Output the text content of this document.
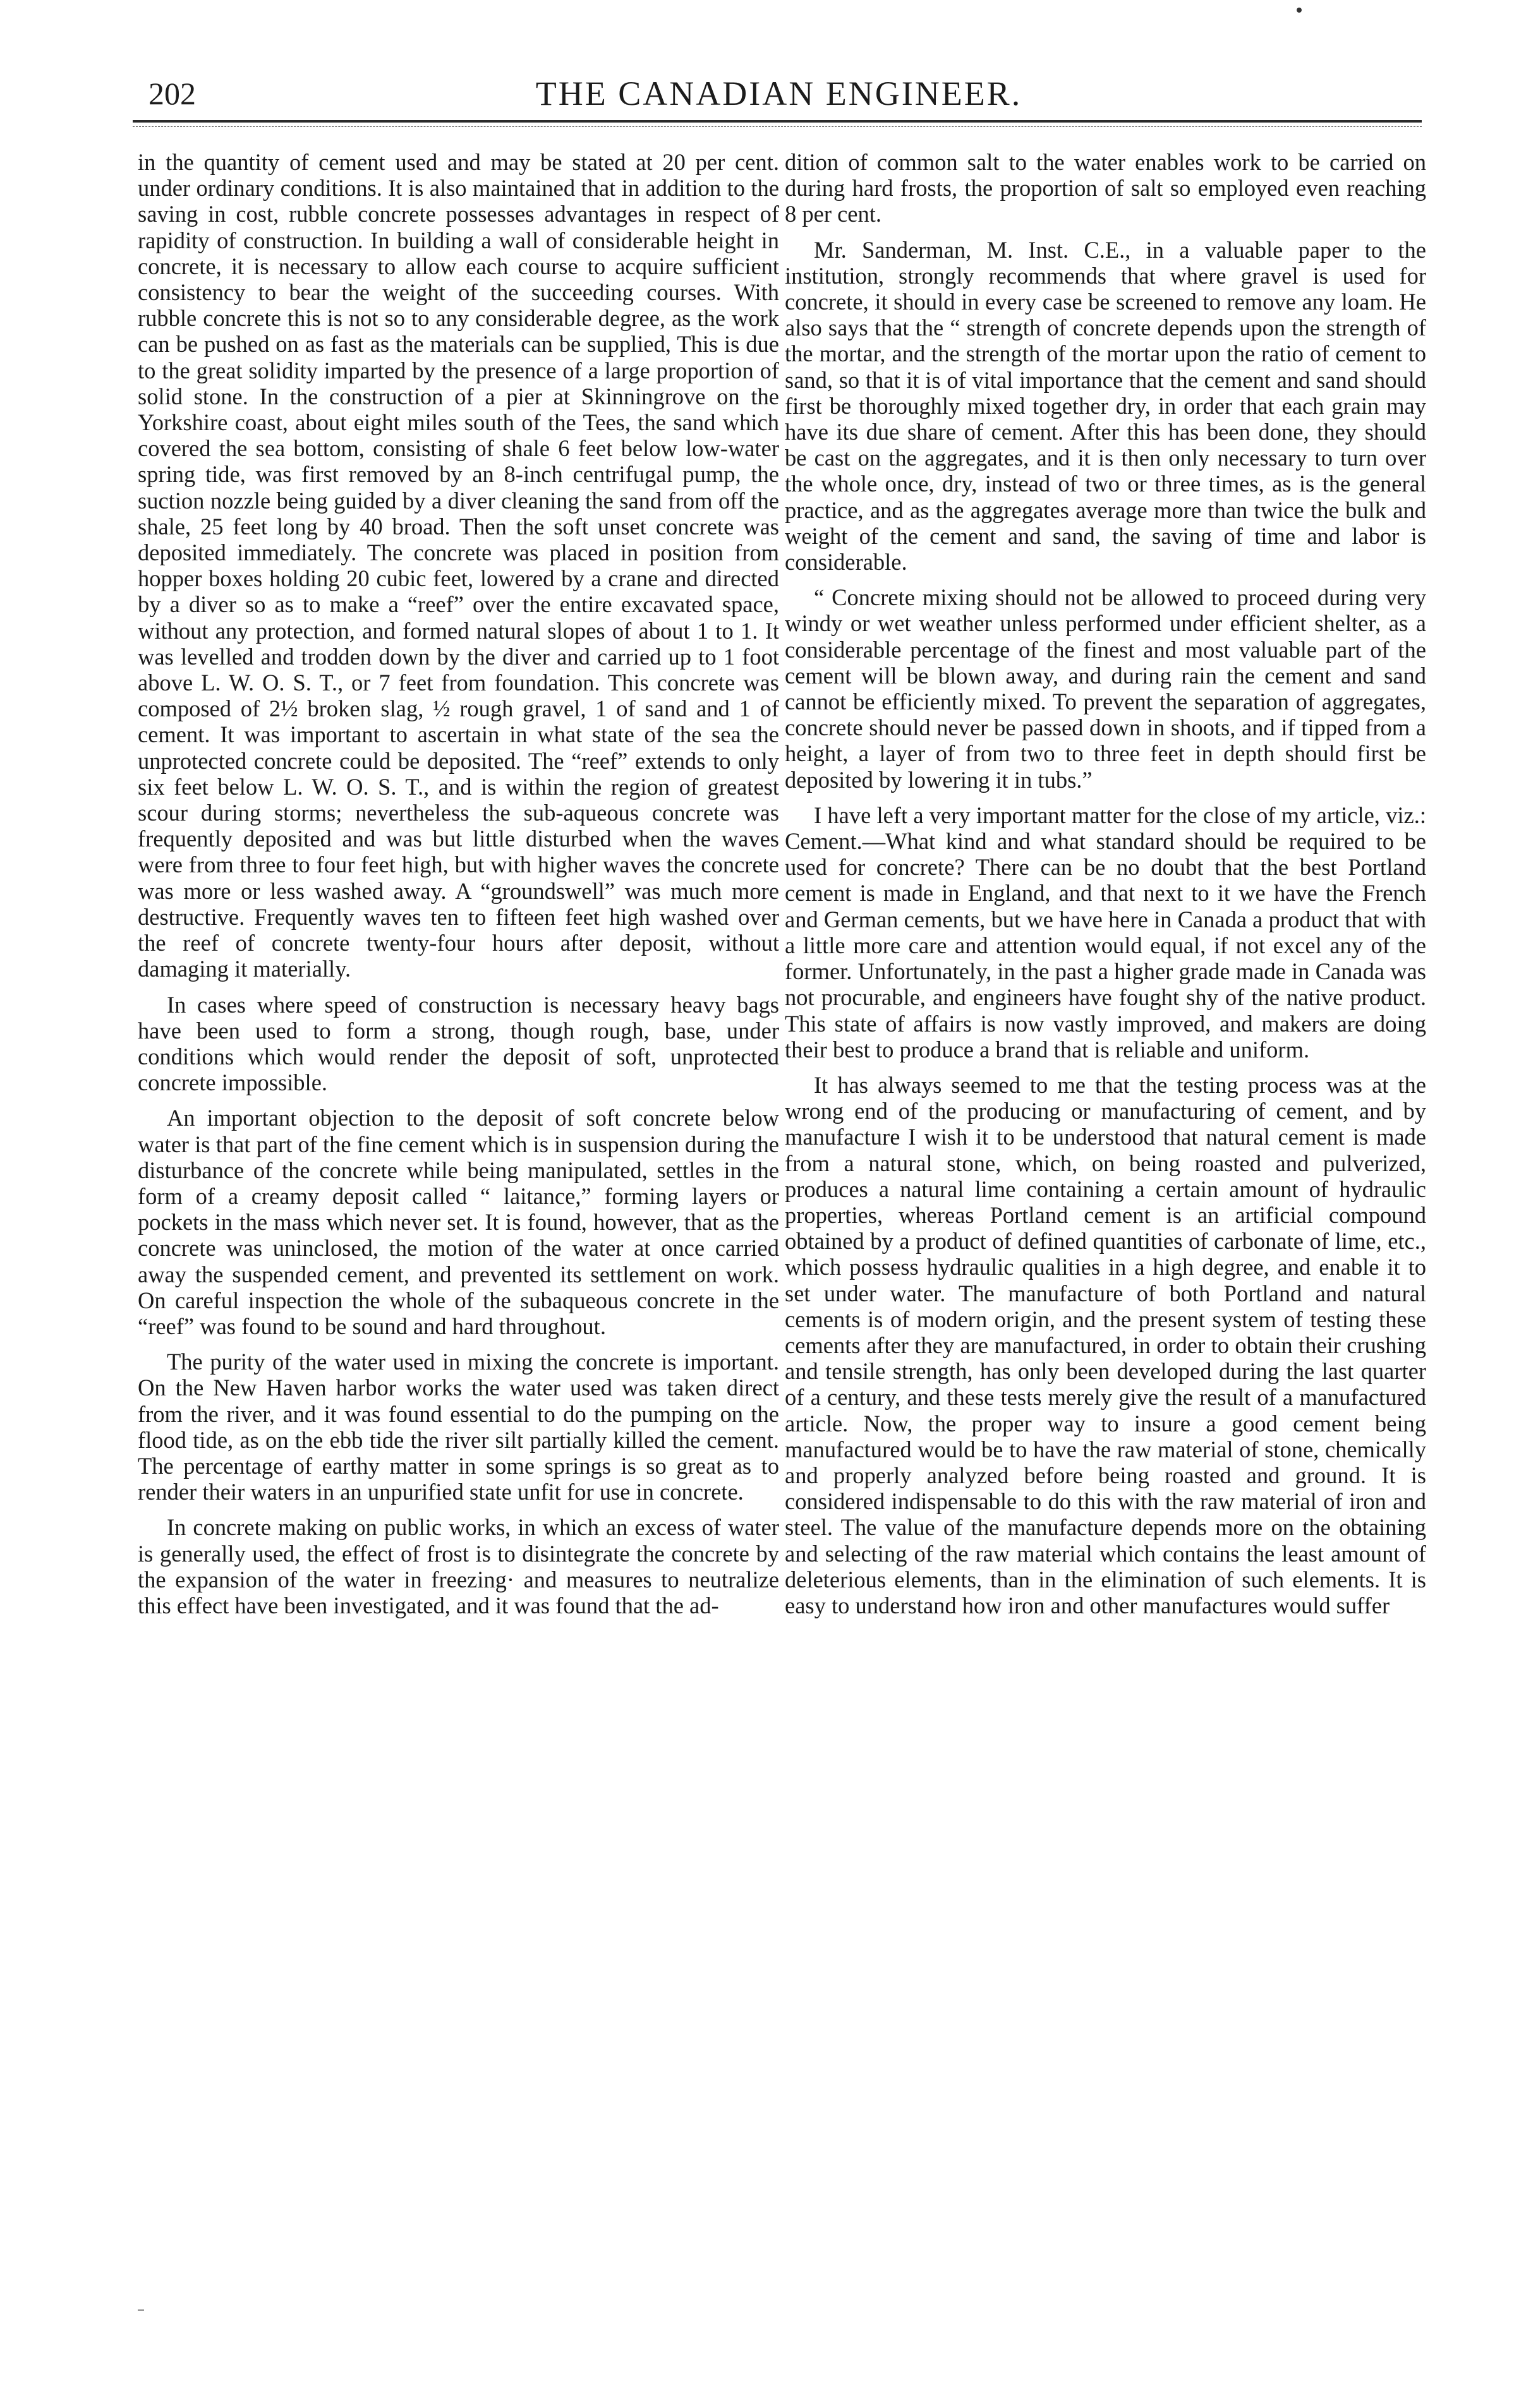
202	THE CANADIAN ENGINEER.

in the quantity of cement used and may be stated at 20 per cent. under ordinary conditions. It is also maintained that in addition to the saving in cost, rubble concrete possesses advantages in respect of rapidity of construction. In building a wall of considerable height in concrete, it is necessary to allow each course to acquire sufficient consistency to bear the weight of the succeeding courses. With rubble concrete this is not so to any considerable degree, as the work can be pushed on as fast as the materials can be supplied, This is due to the great solidity imparted by the presence of a large proportion of solid stone. In the construction of a pier at Skinningrove on the Yorkshire coast, about eight miles south of the Tees, the sand which covered the sea bottom, consisting of shale 6 feet below low-water spring tide, was first removed by an 8-inch centrifugal pump, the suction nozzle being guided by a diver cleaning the sand from off the shale, 25 feet long by 40 broad. Then the soft unset concrete was deposited immediately. The concrete was placed in position from hopper boxes holding 20 cubic feet, lowered by a crane and directed by a diver so as to make a “reef” over the entire excavated space, without any protection, and formed natural slopes of about 1 to 1. It was levelled and trodden down by the diver and carried up to 1 foot above L. W. O. S. T., or 7 feet from foundation. This concrete was composed of 2½ broken slag, ½ rough gravel, 1 of sand and 1 of cement. It was important to ascertain in what state of the sea the unprotected concrete could be deposited. The “reef” extends to only six feet below L. W. O. S. T., and is within the region of greatest scour during storms; nevertheless the sub-aqueous concrete was frequently deposited and was but little disturbed when the waves were from three to four feet high, but with higher waves the concrete was more or less washed away. A “groundswell” was much more destructive. Frequently waves ten to fifteen feet high washed over the reef of concrete twenty-four hours after deposit, without damaging it materially.

In cases where speed of construction is necessary heavy bags have been used to form a strong, though rough, base, under conditions which would render the deposit of soft, unprotected concrete impossible.

An important objection to the deposit of soft concrete below water is that part of the fine cement which is in suspension during the disturbance of the concrete while being manipulated, settles in the form of a creamy deposit called “ laitance,” forming layers or pockets in the mass which never set. It is found, however, that as the concrete was uninclosed, the motion of the water at once carried away the suspended cement, and prevented its settlement on work. On careful inspection the whole of the subaqueous concrete in the “reef” was found to be sound and hard throughout.

The purity of the water used in mixing the concrete is important. On the New Haven harbor works the water used was taken direct from the river, and it was found essential to do the pumping on the flood tide, as on the ebb tide the river silt partially killed the cement. The percentage of earthy matter in some springs is so great as to render their waters in an unpurified state unfit for use in concrete.

In concrete making on public works, in which an excess of water is generally used, the effect of frost is to disintegrate the concrete by the expansion of the water in freezing· and measures to neutralize this effect have been investigated, and it was found that the ad-

dition of common salt to the water enables work to be carried on during hard frosts, the proportion of salt so employed even reaching 8 per cent.

Mr. Sanderman, M. Inst. C.E., in a valuable paper to the institution, strongly recommends that where gravel is used for concrete, it should in every case be screened to remove any loam. He also says that the “ strength of concrete depends upon the strength of the mortar, and the strength of the mortar upon the ratio of cement to sand, so that it is of vital importance that the cement and sand should first be thoroughly mixed together dry, in order that each grain may have its due share of cement. After this has been done, they should be cast on the aggregates, and it is then only necessary to turn over the whole once, dry, instead of two or three times, as is the general practice, and as the aggregates average more than twice the bulk and weight of the cement and sand, the saving of time and labor is considerable.

“ Concrete mixing should not be allowed to proceed during very windy or wet weather unless performed under efficient shelter, as a considerable percentage of the finest and most valuable part of the cement will be blown away, and during rain the cement and sand cannot be efficiently mixed. To prevent the separation of aggregates, concrete should never be passed down in shoots, and if tipped from a height, a layer of from two to three feet in depth should first be deposited by lowering it in tubs.”

I have left a very important matter for the close of my article, viz.: Cement.—What kind and what standard should be required to be used for concrete? There can be no doubt that the best Portland cement is made in England, and that next to it we have the French and German cements, but we have here in Canada a product that with a little more care and attention would equal, if not excel any of the former. Unfortunately, in the past a higher grade made in Canada was not procurable, and engineers have fought shy of the native product. This state of affairs is now vastly improved, and makers are doing their best to produce a brand that is reliable and uniform.

It has always seemed to me that the testing process was at the wrong end of the producing or manufacturing of cement, and by manufacture I wish it to be understood that natural cement is made from a natural stone, which, on being roasted and pulverized, produces a natural lime containing a certain amount of hydraulic properties, whereas Portland cement is an artificial compound obtained by a product of defined quantities of carbonate of lime, etc., which possess hydraulic qualities in a high degree, and enable it to set under water. The manufacture of both Portland and natural cements is of modern origin, and the present system of testing these cements after they are manufactured, in order to obtain their crushing and tensile strength, has only been developed during the last quarter of a century, and these tests merely give the result of a manufactured article. Now, the proper way to insure a good cement being manufactured would be to have the raw material of stone, chemically and properly analyzed before being roasted and ground. It is considered indispensable to do this with the raw material of iron and steel. The value of the manufacture depends more on the obtaining and selecting of the raw material which contains the least amount of deleterious elements, than in the elimination of such elements. It is easy to understand how iron and other manufactures would suffer
